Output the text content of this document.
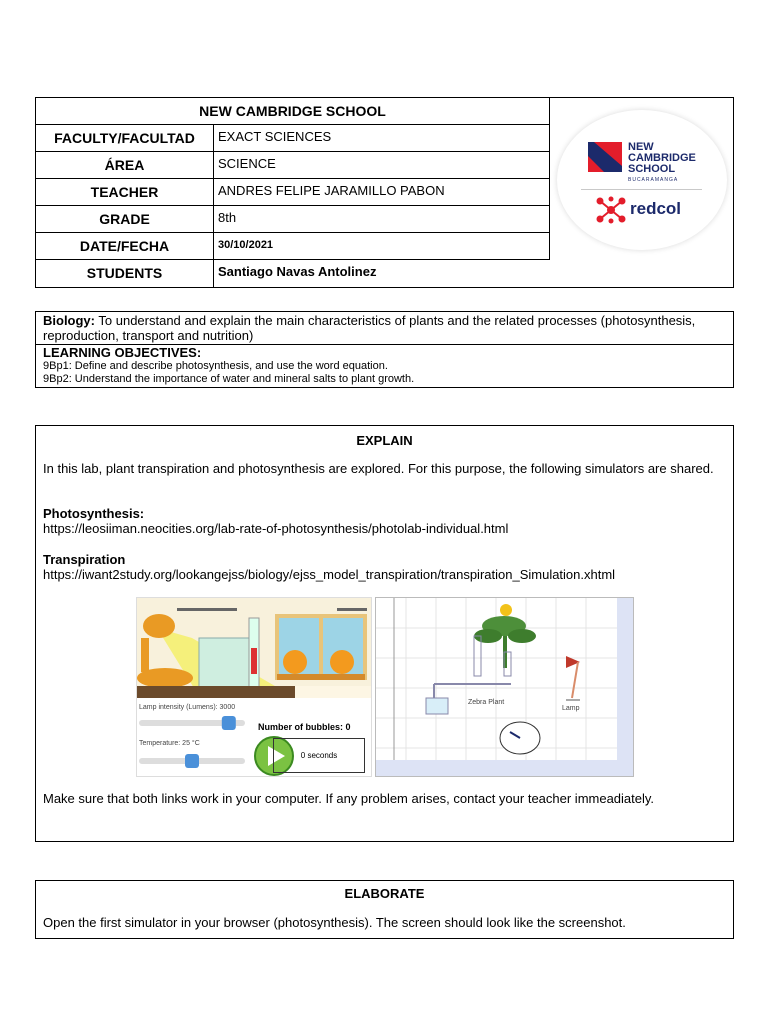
NEW CAMBRIDGE SCHOOL
FACULTY/FACULTAD	EXACT SCIENCES
ÁREA	SCIENCE
TEACHER	ANDRES FELIPE JARAMILLO PABON
GRADE	8th
DATE/FECHA	30/10/2021
STUDENTS	Santiago Navas Antolinez
NEW
CAMBRIDGE
SCHOOL
BUCARAMANGA
redcol
Biology: To understand and explain the main characteristics of plants and the related processes (photosynthesis, reproduction, transport and nutrition)
LEARNING OBJECTIVES:
9Bp1: Define and describe photosynthesis, and use the word equation.
9Bp2: Understand the importance of water and mineral salts to plant growth.
EXPLAIN
In this lab, plant transpiration and photosynthesis are explored. For this purpose, the following simulators are shared.
Photosynthesis:
https://leosiiman.neocities.org/lab-rate-of-photosynthesis/photolab-individual.html
Transpiration
https://iwant2study.org/lookangejss/biology/ejss_model_transpiration/transpiration_Simulation.xhtml
Make sure that both links work in your computer. If any problem arises, contact your teacher immeadiately.
Lamp intensity (Lumens): 3000
Temperature: 25 °C
Number of bubbles: 0
0 seconds
Zebra Plant
Lamp
ELABORATE
Open the first simulator in your browser (photosynthesis). The screen should look like the screenshot.
